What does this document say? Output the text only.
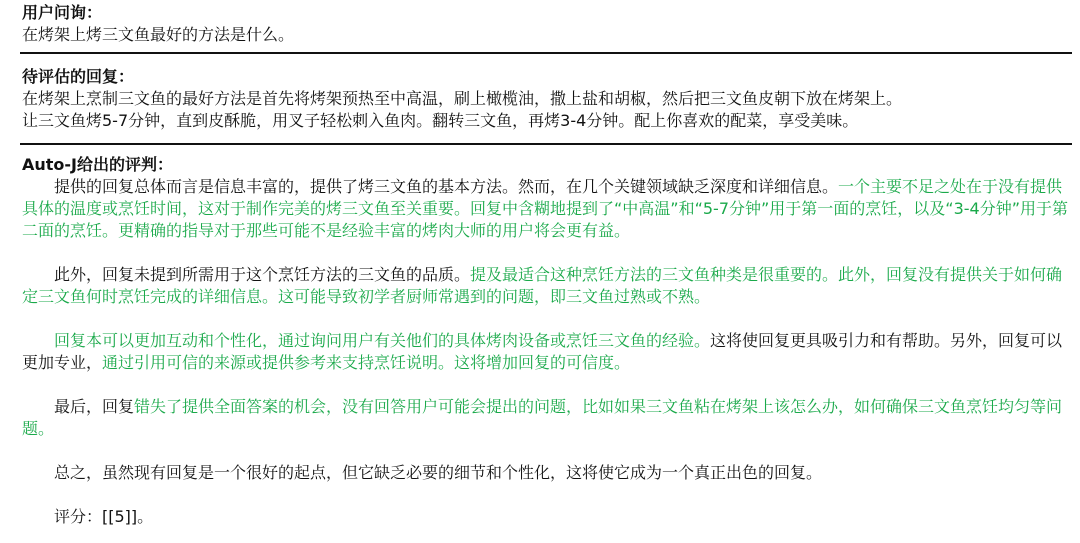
用户问询：

在烤架上烤三文鱼最好的方法是什么。

待评估的回复：

在烤架上烹制三文鱼的最好方法是首先将烤架预热至中高温，刷上橄榄油，撒上盐和胡椒，然后把三文鱼皮朝下放在烤架上。

让三文鱼烤5-7分钟，直到皮酥脆，用叉子轻松刺入鱼肉。翻转三文鱼，再烤3-4分钟。配上你喜欢的配菜，享受美味。

Auto-J给出的评判：

提供的回复总体而言是信息丰富的，提供了烤三文鱼的基本方法。然而，在几个关键领域缺乏深度和详细信息。一个主要不足之处在于没有提供具体的温度或烹饪时间，这对于制作完美的烤三文鱼至关重要。回复中含糊地提到了“中高温”和“5-7分钟”用于第一面的烹饪，以及“3-4分钟”用于第二面的烹饪。更精确的指导对于那些可能不是经验丰富的烤肉大师的用户将会更有益。

此外，回复未提到所需用于这个烹饪方法的三文鱼的品质。提及最适合这种烹饪方法的三文鱼种类是很重要的。此外，回复没有提供关于如何确定三文鱼何时烹饪完成的详细信息。这可能导致初学者厨师常遇到的问题，即三文鱼过熟或不熟。

回复本可以更加互动和个性化，通过询问用户有关他们的具体烤肉设备或烹饪三文鱼的经验。这将使回复更具吸引力和有帮助。另外，回复可以更加专业，通过引用可信的来源或提供参考来支持烹饪说明。这将增加回复的可信度。

最后，回复错失了提供全面答案的机会，没有回答用户可能会提出的问题，比如如果三文鱼粘在烤架上该怎么办，如何确保三文鱼烹饪均匀等问题。

总之，虽然现有回复是一个很好的起点，但它缺乏必要的细节和个性化，这将使它成为一个真正出色的回复。

评分：[[5]]。
